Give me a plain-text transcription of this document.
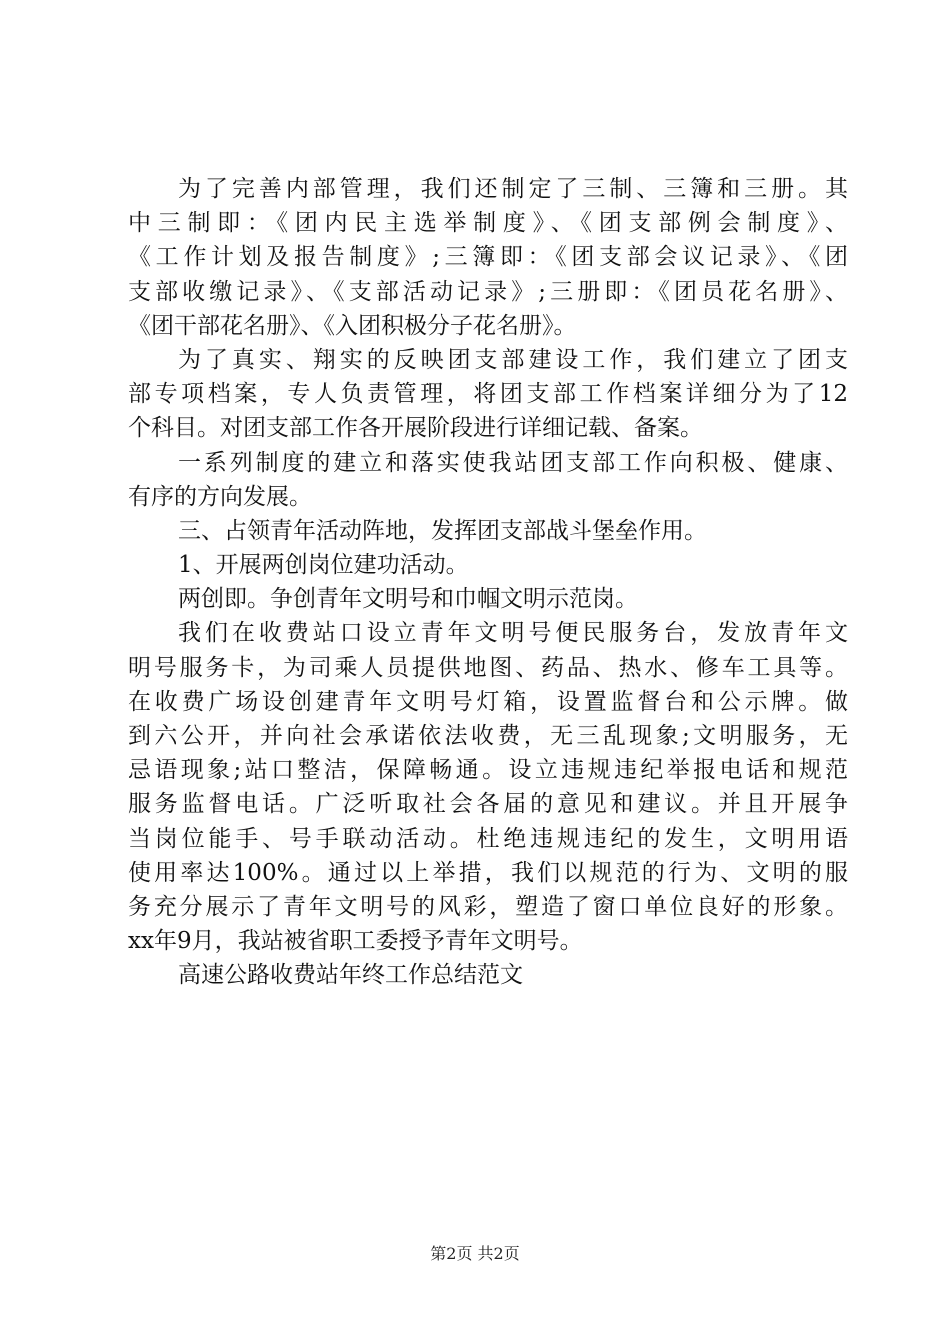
为了完善内部管理，我们还制定了三制、三簿和三册。其
中三制即：《团内民主选举制度》、《团支部例会制度》、
《工作计划及报告制度》;三簿即：《团支部会议记录》、《团
支部收缴记录》、《支部活动记录》;三册即：《团员花名册》、
《团干部花名册》、《入团积极分子花名册》。
为了真实、翔实的反映团支部建设工作，我们建立了团支
部专项档案，专人负责管理，将团支部工作档案详细分为了12
个科目。对团支部工作各开展阶段进行详细记载、备案。
一系列制度的建立和落实使我站团支部工作向积极、健康、
有序的方向发展。
三、占领青年活动阵地，发挥团支部战斗堡垒作用。
1、开展两创岗位建功活动。
两创即。争创青年文明号和巾帼文明示范岗。
我们在收费站口设立青年文明号便民服务台，发放青年文
明号服务卡，为司乘人员提供地图、药品、热水、修车工具等。
在收费广场设创建青年文明号灯箱，设置监督台和公示牌。做
到六公开，并向社会承诺依法收费，无三乱现象;文明服务，无
忌语现象;站口整洁，保障畅通。设立违规违纪举报电话和规范
服务监督电话。广泛听取社会各届的意见和建议。并且开展争
当岗位能手、号手联动活动。杜绝违规违纪的发生，文明用语
使用率达100%。通过以上举措，我们以规范的行为、文明的服
务充分展示了青年文明号的风彩，塑造了窗口单位良好的形象。
xx年9月，我站被省职工委授予青年文明号。
高速公路收费站年终工作总结范文
第2页 共2页
